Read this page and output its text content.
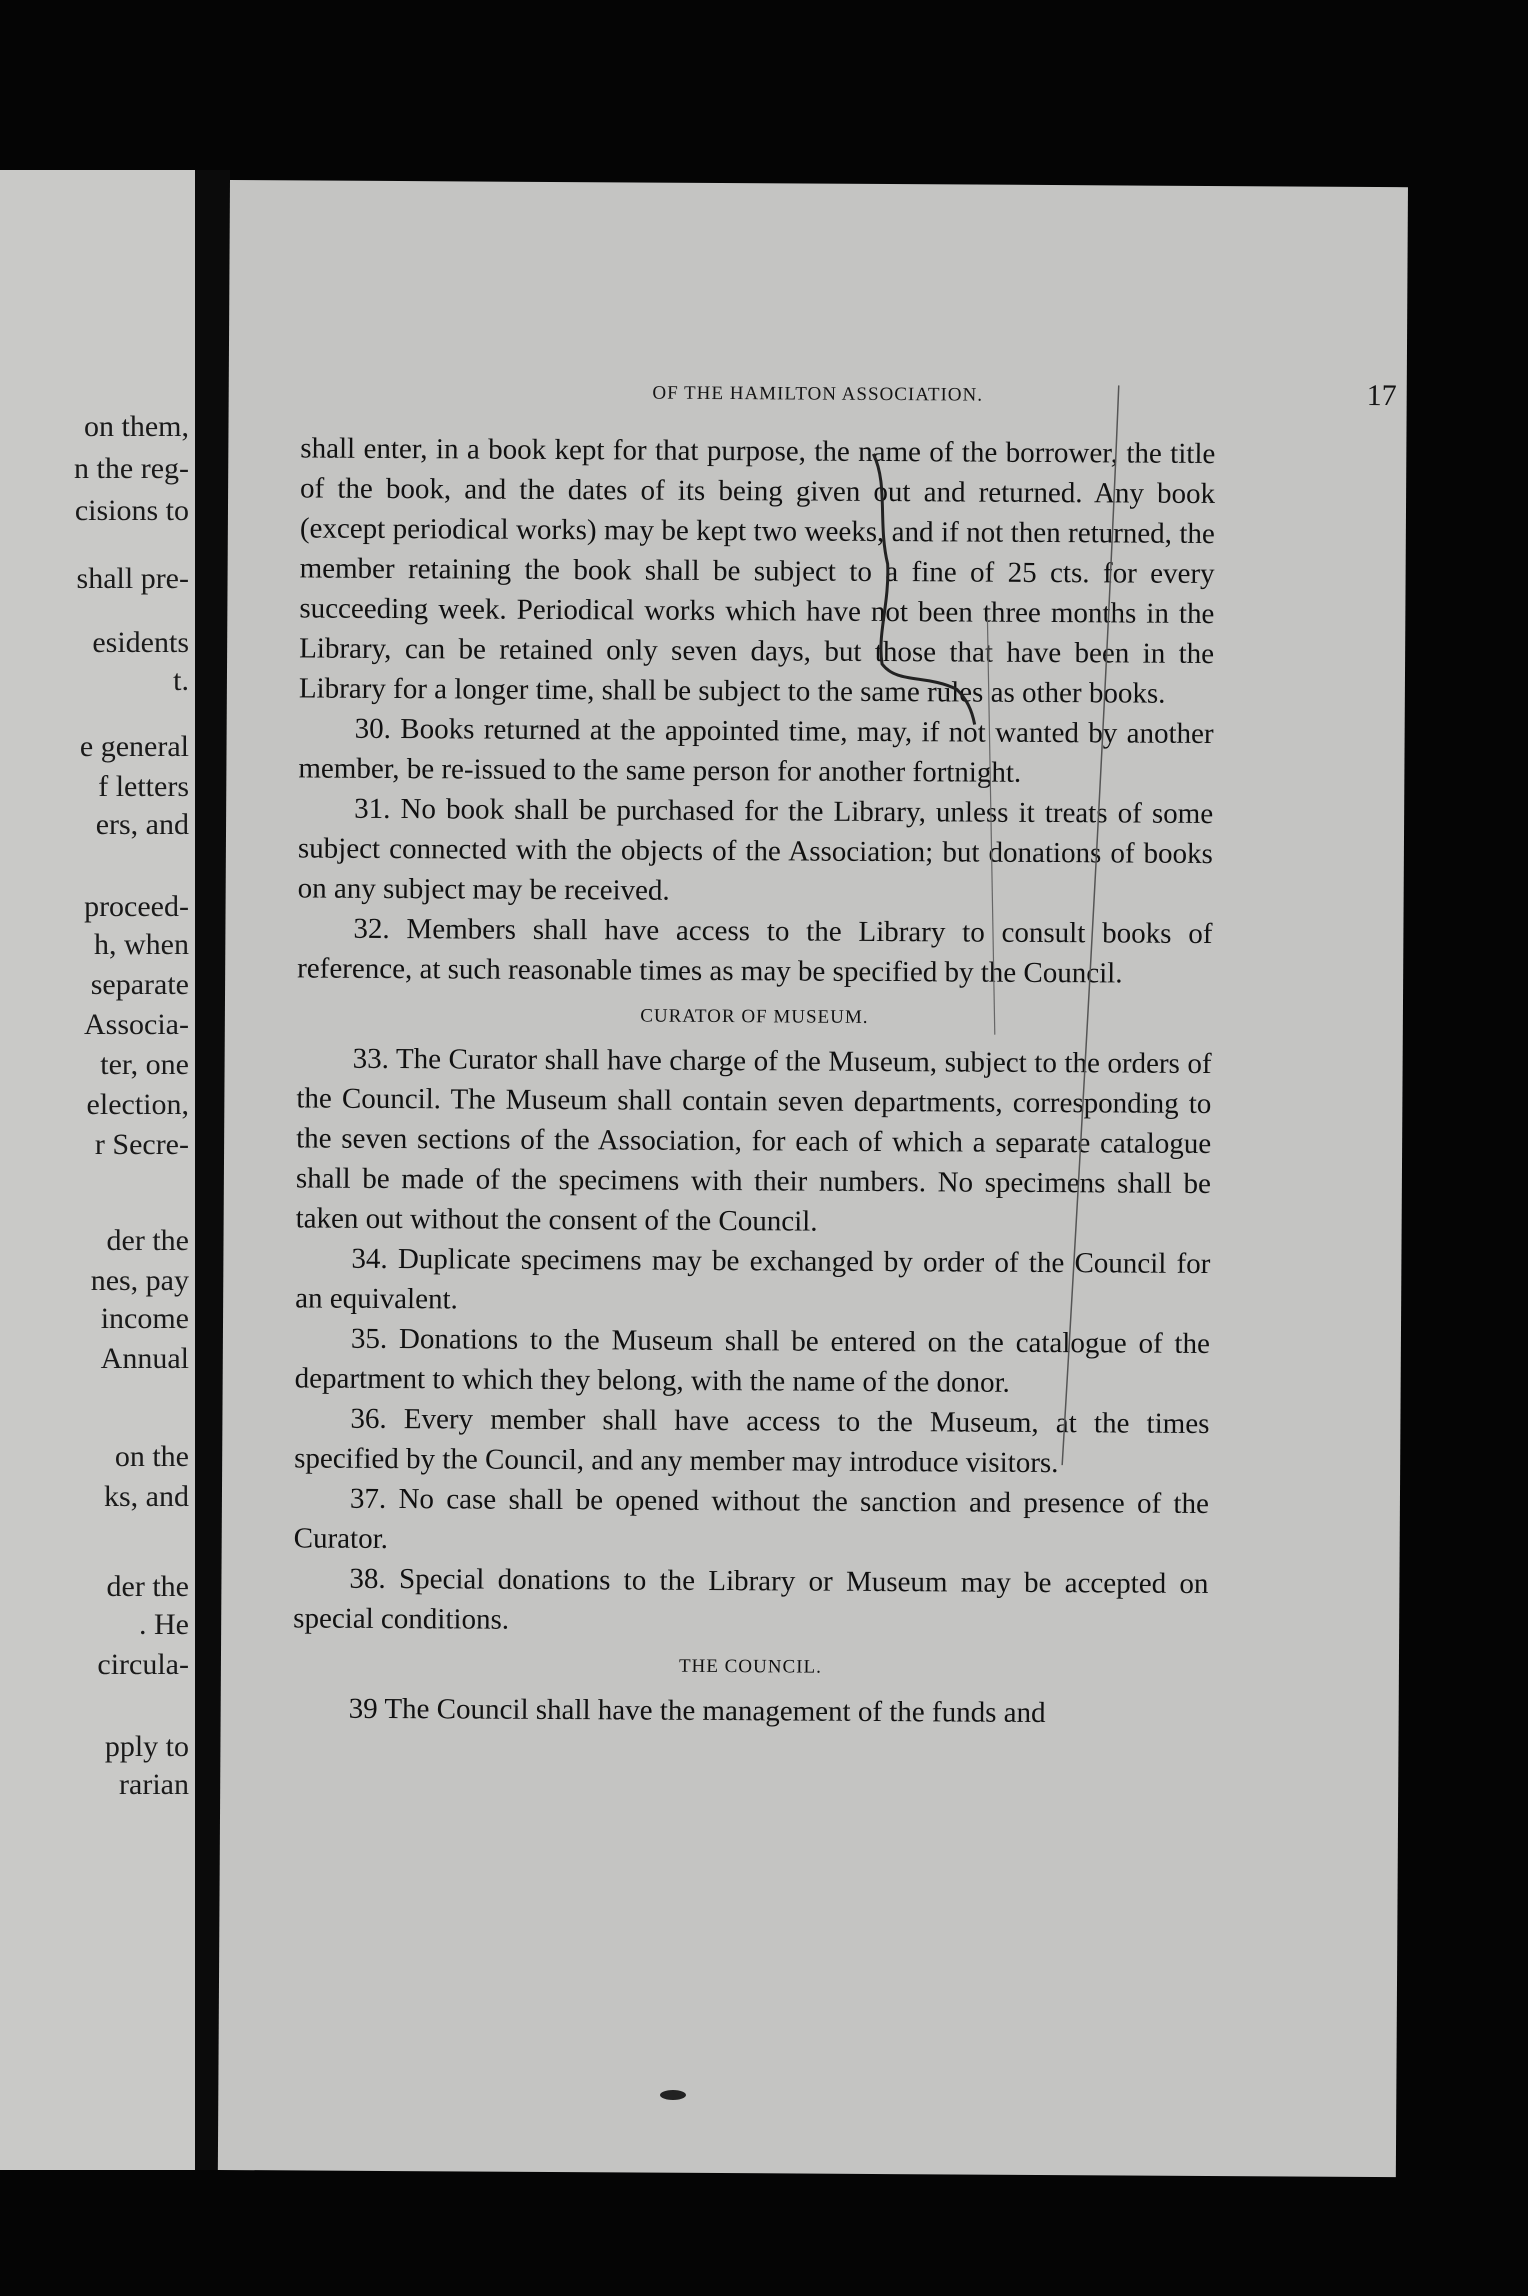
on them,
n the reg-
cisions to
shall pre-
esidents
t.
e general
f letters
ers, and
proceed-
h, when
separate
Associa-
ter, one
election,
r Secre-
der the
nes, pay
income
Annual
on the
ks, and
der the
. He
circula-
pply to
rarian
OF THE HAMILTON ASSOCIATION.	17

shall enter, in a book kept for that purpose, the name of the borrower, the title of the book, and the dates of its being given out and returned. Any book (except periodical works) may be kept two weeks, and if not then returned, the member retaining the book shall be subject to a fine of 25 cts. for every succeeding week. Periodical works which have not been three months in the Library, can be retained only seven days, but those that have been in the Library for a longer time, shall be subject to the same rules as other books.

30. Books returned at the appointed time, may, if not wanted by another member, be re-issued to the same person for another fortnight.

31. No book shall be purchased for the Library, unless it treats of some subject connected with the objects of the Association; but donations of books on any subject may be received.

32. Members shall have access to the Library to consult books of reference, at such reasonable times as may be specified by the Council.

CURATOR OF MUSEUM.

33. The Curator shall have charge of the Museum, subject to the orders of the Council. The Museum shall contain seven departments, corresponding to the seven sections of the Association, for each of which a separate catalogue shall be made of the specimens with their numbers. No specimens shall be taken out without the consent of the Council.

34. Duplicate specimens may be exchanged by order of the Council for an equivalent.

35. Donations to the Museum shall be entered on the catalogue of the department to which they belong, with the name of the donor.

36. Every member shall have access to the Museum, at the times specified by the Council, and any member may introduce visitors.

37. No case shall be opened without the sanction and presence of the Curator.

38. Special donations to the Library or Museum may be accepted on special conditions.

THE COUNCIL.

39 The Council shall have the management of the funds and
